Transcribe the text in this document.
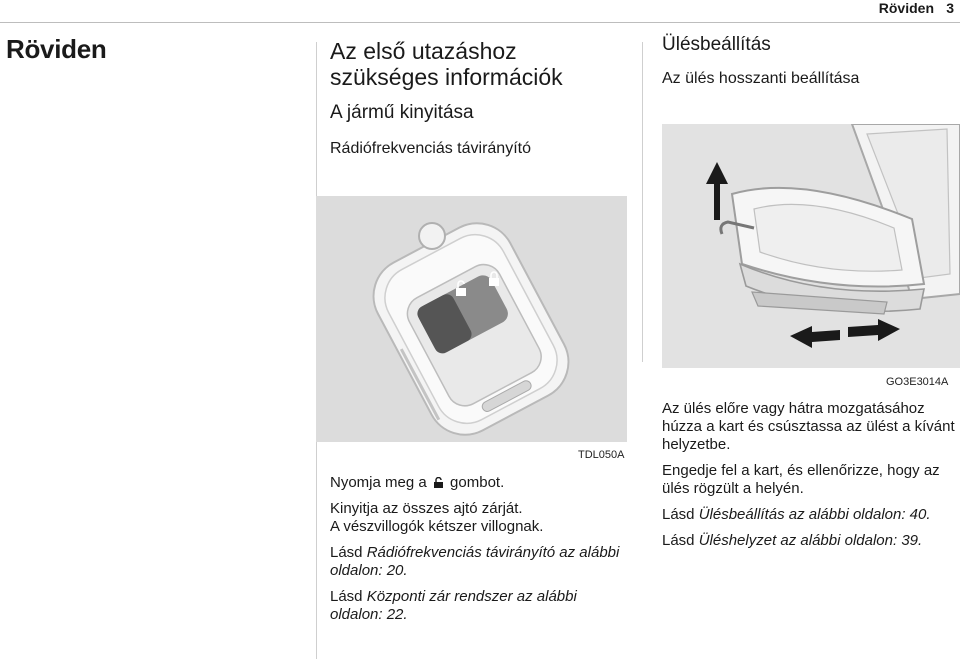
Röviden 3
Röviden	Az első utazáshoz szükséges információk
A jármű kinyitása
Rádiófrekvenciás távirányító
TDL050A

Nyomja meg a gombot.

Kinyitja az összes ajtó zárját.

A vészvillogók kétszer villognak.

Lásd Rádiófrekvenciás távirányító az alábbi oldalon: 20.

Lásd Központi zár rendszer az alábbi oldalon: 22.

Ülésbeállítás
Az ülés hosszanti beállítása
GO3E3014A

Az ülés előre vagy hátra mozgatásához húzza a kart és csúsztassa az ülést a kívánt helyzetbe.

Engedje fel a kart, és ellenőrizze, hogy az ülés rögzült a helyén.

Lásd Ülésbeállítás az alábbi oldalon: 40.

Lásd Üléshelyzet az alábbi oldalon: 39.
